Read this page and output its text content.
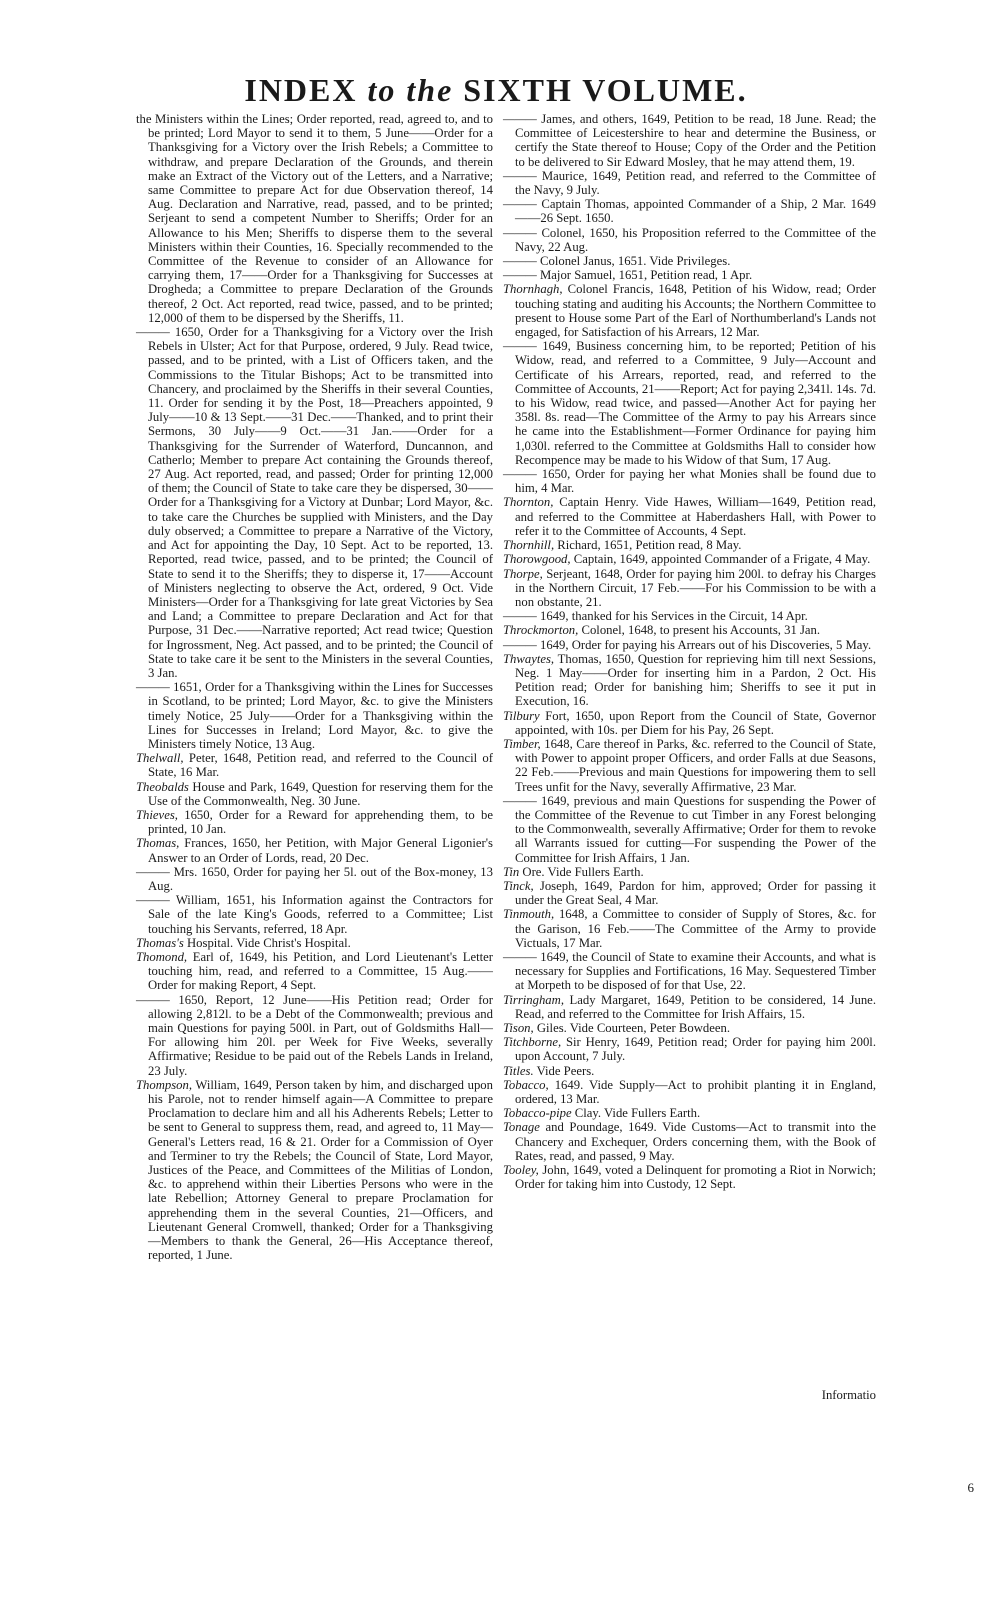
INDEX to the SIXTH VOLUME.

the Ministers within the Lines; Order reported, read, agreed to, and to be printed; Lord Mayor to send it to them, 5 June——Order for a Thanksgiving for a Victory over the Irish Rebels; a Committee to withdraw, and prepare Declaration of the Grounds, and therein make an Extract of the Victory out of the Letters, and a Narrative; same Committee to prepare Act for due Observation thereof, 14 Aug. Declaration and Narrative, read, passed, and to be printed; Serjeant to send a competent Number to Sheriffs; Order for an Allowance to his Men; Sheriffs to disperse them to the several Ministers within their Counties, 16. Specially recommended to the Committee of the Revenue to consider of an Allowance for carrying them, 17——Order for a Thanksgiving for Successes at Drogheda; a Committee to prepare Declaration of the Grounds thereof, 2 Oct. Act reported, read twice, passed, and to be printed; 12,000 of them to be dispersed by the Sheriffs, 11.

——— 1650, Order for a Thanksgiving for a Victory over the Irish Rebels in Ulster; Act for that Purpose, ordered, 9 July. Read twice, passed, and to be printed, with a List of Officers taken, and the Commissions to the Titular Bishops; Act to be transmitted into Chancery, and proclaimed by the Sheriffs in their several Counties, 11. Order for sending it by the Post, 18—Preachers appointed, 9 July——10 & 13 Sept.——31 Dec.——Thanked, and to print their Sermons, 30 July——9 Oct.——31 Jan.——Order for a Thanksgiving for the Surrender of Waterford, Duncannon, and Catherlo; Member to prepare Act containing the Grounds thereof, 27 Aug. Act reported, read, and passed; Order for printing 12,000 of them; the Council of State to take care they be dispersed, 30——Order for a Thanksgiving for a Victory at Dunbar; Lord Mayor, &c. to take care the Churches be supplied with Ministers, and the Day duly observed; a Committee to prepare a Narrative of the Victory, and Act for appointing the Day, 10 Sept. Act to be reported, 13. Reported, read twice, passed, and to be printed; the Council of State to send it to the Sheriffs; they to disperse it, 17——Account of Ministers neglecting to observe the Act, ordered, 9 Oct. Vide Ministers—Order for a Thanksgiving for late great Victories by Sea and Land; a Committee to prepare Declaration and Act for that Purpose, 31 Dec.——Narrative reported; Act read twice; Question for Ingrossment, Neg. Act passed, and to be printed; the Council of State to take care it be sent to the Ministers in the several Counties, 3 Jan.

——— 1651, Order for a Thanksgiving within the Lines for Successes in Scotland, to be printed; Lord Mayor, &c. to give the Ministers timely Notice, 25 July——Order for a Thanksgiving within the Lines for Successes in Ireland; Lord Mayor, &c. to give the Ministers timely Notice, 13 Aug.

Thelwall, Peter, 1648, Petition read, and referred to the Council of State, 16 Mar.

Theobalds House and Park, 1649, Question for reserving them for the Use of the Commonwealth, Neg. 30 June.

Thieves, 1650, Order for a Reward for apprehending them, to be printed, 10 Jan.

Thomas, Frances, 1650, her Petition, with Major General Ligonier's Answer to an Order of Lords, read, 20 Dec.

——— Mrs. 1650, Order for paying her 5l. out of the Box-money, 13 Aug.

——— William, 1651, his Information against the Contractors for Sale of the late King's Goods, referred to a Committee; List touching his Servants, referred, 18 Apr.

Thomas's Hospital. Vide Christ's Hospital.

Thomond, Earl of, 1649, his Petition, and Lord Lieutenant's Letter touching him, read, and referred to a Committee, 15 Aug.——Order for making Report, 4 Sept.

——— 1650, Report, 12 June——His Petition read; Order for allowing 2,812l. to be a Debt of the Commonwealth; previous and main Questions for paying 500l. in Part, out of Goldsmiths Hall—For allowing him 20l. per Week for Five Weeks, severally Affirmative; Residue to be paid out of the Rebels Lands in Ireland, 23 July.

Thompson, William, 1649, Person taken by him, and discharged upon his Parole, not to render himself again—A Committee to prepare Proclamation to declare him and all his Adherents Rebels; Letter to be sent to General to suppress them, read, and agreed to, 11 May—General's Letters read, 16 & 21. Order for a Commission of Oyer and Terminer to try the Rebels; the Council of State, Lord Mayor, Justices of the Peace, and Committees of the Militias of London, &c. to apprehend within their Liberties Persons who were in the late Rebellion; Attorney General to prepare Proclamation for apprehending them in the several Counties, 21—Officers, and Lieutenant General Cromwell, thanked; Order for a Thanksgiving—Members to thank the General, 26—His Acceptance thereof, reported, 1 June.

——— James, and others, 1649, Petition to be read, 18 June. Read; the Committee of Leicestershire to hear and determine the Business, or certify the State thereof to House; Copy of the Order and the Petition to be delivered to Sir Edward Mosley, that he may attend them, 19.

——— Maurice, 1649, Petition read, and referred to the Committee of the Navy, 9 July.

——— Captain Thomas, appointed Commander of a Ship, 2 Mar. 1649——26 Sept. 1650.

——— Colonel, 1650, his Proposition referred to the Committee of the Navy, 22 Aug.

——— Colonel Janus, 1651. Vide Privileges.

——— Major Samuel, 1651, Petition read, 1 Apr.

Thornhagh, Colonel Francis, 1648, Petition of his Widow, read; Order touching stating and auditing his Accounts; the Northern Committee to present to House some Part of the Earl of Northumberland's Lands not engaged, for Satisfaction of his Arrears, 12 Mar.

——— 1649, Business concerning him, to be reported; Petition of his Widow, read, and referred to a Committee, 9 July—Account and Certificate of his Arrears, reported, read, and referred to the Committee of Accounts, 21——Report; Act for paying 2,341l. 14s. 7d. to his Widow, read twice, and passed—Another Act for paying her 358l. 8s. read—The Committee of the Army to pay his Arrears since he came into the Establishment—Former Ordinance for paying him 1,030l. referred to the Committee at Goldsmiths Hall to consider how Recompence may be made to his Widow of that Sum, 17 Aug.

——— 1650, Order for paying her what Monies shall be found due to him, 4 Mar.

Thornton, Captain Henry. Vide Hawes, William—1649, Petition read, and referred to the Committee at Haberdashers Hall, with Power to refer it to the Committee of Accounts, 4 Sept.

Thornhill, Richard, 1651, Petition read, 8 May.

Thorowgood, Captain, 1649, appointed Commander of a Frigate, 4 May.

Thorpe, Serjeant, 1648, Order for paying him 200l. to defray his Charges in the Northern Circuit, 17 Feb.——For his Commission to be with a non obstante, 21.

——— 1649, thanked for his Services in the Circuit, 14 Apr.

Throckmorton, Colonel, 1648, to present his Accounts, 31 Jan.

——— 1649, Order for paying his Arrears out of his Discoveries, 5 May.

Thwaytes, Thomas, 1650, Question for reprieving him till next Sessions, Neg. 1 May——Order for inserting him in a Pardon, 2 Oct. His Petition read; Order for banishing him; Sheriffs to see it put in Execution, 16.

Tilbury Fort, 1650, upon Report from the Council of State, Governor appointed, with 10s. per Diem for his Pay, 26 Sept.

Timber, 1648, Care thereof in Parks, &c. referred to the Council of State, with Power to appoint proper Officers, and order Falls at due Seasons, 22 Feb.——Previous and main Questions for impowering them to sell Trees unfit for the Navy, severally Affirmative, 23 Mar.

——— 1649, previous and main Questions for suspending the Power of the Committee of the Revenue to cut Timber in any Forest belonging to the Commonwealth, severally Affirmative; Order for them to revoke all Warrants issued for cutting—For suspending the Power of the Committee for Irish Affairs, 1 Jan.

Tin Ore. Vide Fullers Earth.

Tinck, Joseph, 1649, Pardon for him, approved; Order for passing it under the Great Seal, 4 Mar.

Tinmouth, 1648, a Committee to consider of Supply of Stores, &c. for the Garison, 16 Feb.——The Committee of the Army to provide Victuals, 17 Mar.

——— 1649, the Council of State to examine their Accounts, and what is necessary for Supplies and Fortifications, 16 May. Sequestered Timber at Morpeth to be disposed of for that Use, 22.

Tirringham, Lady Margaret, 1649, Petition to be considered, 14 June. Read, and referred to the Committee for Irish Affairs, 15.

Tison, Giles. Vide Courteen, Peter Bowdeen.

Titchborne, Sir Henry, 1649, Petition read; Order for paying him 200l. upon Account, 7 July.

Titles. Vide Peers.

Tobacco, 1649. Vide Supply—Act to prohibit planting it in England, ordered, 13 Mar.

Tobacco-pipe Clay. Vide Fullers Earth.

Tonage and Poundage, 1649. Vide Customs—Act to transmit into the Chancery and Exchequer, Orders concerning them, with the Book of Rates, read, and passed, 9 May.

Tooley, John, 1649, voted a Delinquent for promoting a Riot in Norwich; Order for taking him into Custody, 12 Sept.

Informatio
6
